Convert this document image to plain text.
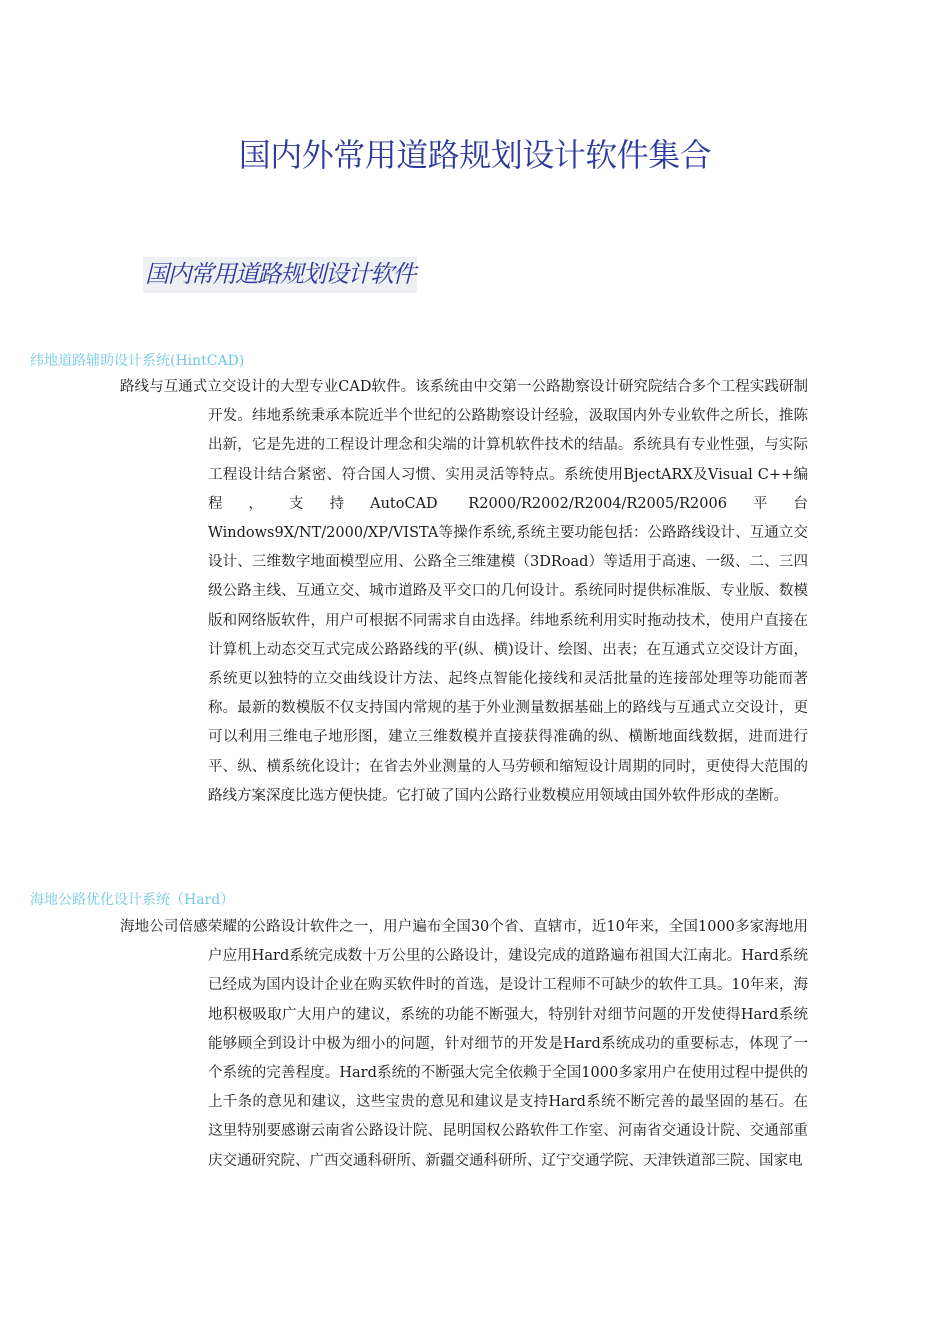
国内外常用道路规划设计软件集合
国内常用道路规划设计软件
纬地道路辅助设计系统(HintCAD)
路线与互通式立交设计的大型专业CAD软件。该系统由中交第一公路勘察设计研究院结合多个工程实践研制开发。纬地系统秉承本院近半个世纪的公路勘察设计经验，汲取国内外专业软件之所长，推陈出新，它是先进的工程设计理念和尖端的计算机软件技术的结晶。系统具有专业性强，与实际工程设计结合紧密、符合国人习惯、实用灵活等特点。系统使用BjectARX及Visual C++编程，支持AutoCAD R2000/R2002/R2004/R2005/R2006平台Windows9X/NT/2000/XP/VISTA等操作系统,系统主要功能包括：公路路线设计、互通立交设计、三维数字地面模型应用、公路全三维建模（3DRoad）等适用于高速、一级、二、三四级公路主线、互通立交、城市道路及平交口的几何设计。系统同时提供标准版、专业版、数模版和网络版软件，用户可根据不同需求自由选择。纬地系统利用实时拖动技术，使用户直接在计算机上动态交互式完成公路路线的平(纵、横)设计、绘图、出表；在互通式立交设计方面，系统更以独特的立交曲线设计方法、起终点智能化接线和灵活批量的连接部处理等功能而著称。最新的数模版不仅支持国内常规的基于外业测量数据基础上的路线与互通式立交设计，更可以利用三维电子地形图，建立三维数模并直接获得准确的纵、横断地面线数据，进而进行平、纵、横系统化设计；在省去外业测量的人马劳顿和缩短设计周期的同时，更使得大范围的路线方案深度比选方便快捷。它打破了国内公路行业数模应用领域由国外软件形成的垄断。
海地公路优化设计系统（Hard）
海地公司倍感荣耀的公路设计软件之一，用户遍布全国30个省、直辖市，近10年来，全国1000多家海地用户应用Hard系统完成数十万公里的公路设计，建设完成的道路遍布祖国大江南北。Hard系统已经成为国内设计企业在购买软件时的首选，是设计工程师不可缺少的软件工具。10年来，海地积极吸取广大用户的建议，系统的功能不断强大，特别针对细节问题的开发使得Hard系统能够顾全到设计中极为细小的问题，针对细节的开发是Hard系统成功的重要标志，体现了一个系统的完善程度。Hard系统的不断强大完全依赖于全国1000多家用户在使用过程中提供的上千条的意见和建议，这些宝贵的意见和建议是支持Hard系统不断完善的最坚固的基石。在这里特别要感谢云南省公路设计院、昆明国权公路软件工作室、河南省交通设计院、交通部重庆交通研究院、广西交通科研所、新疆交通科研所、辽宁交通学院、天津铁道部三院、国家电
